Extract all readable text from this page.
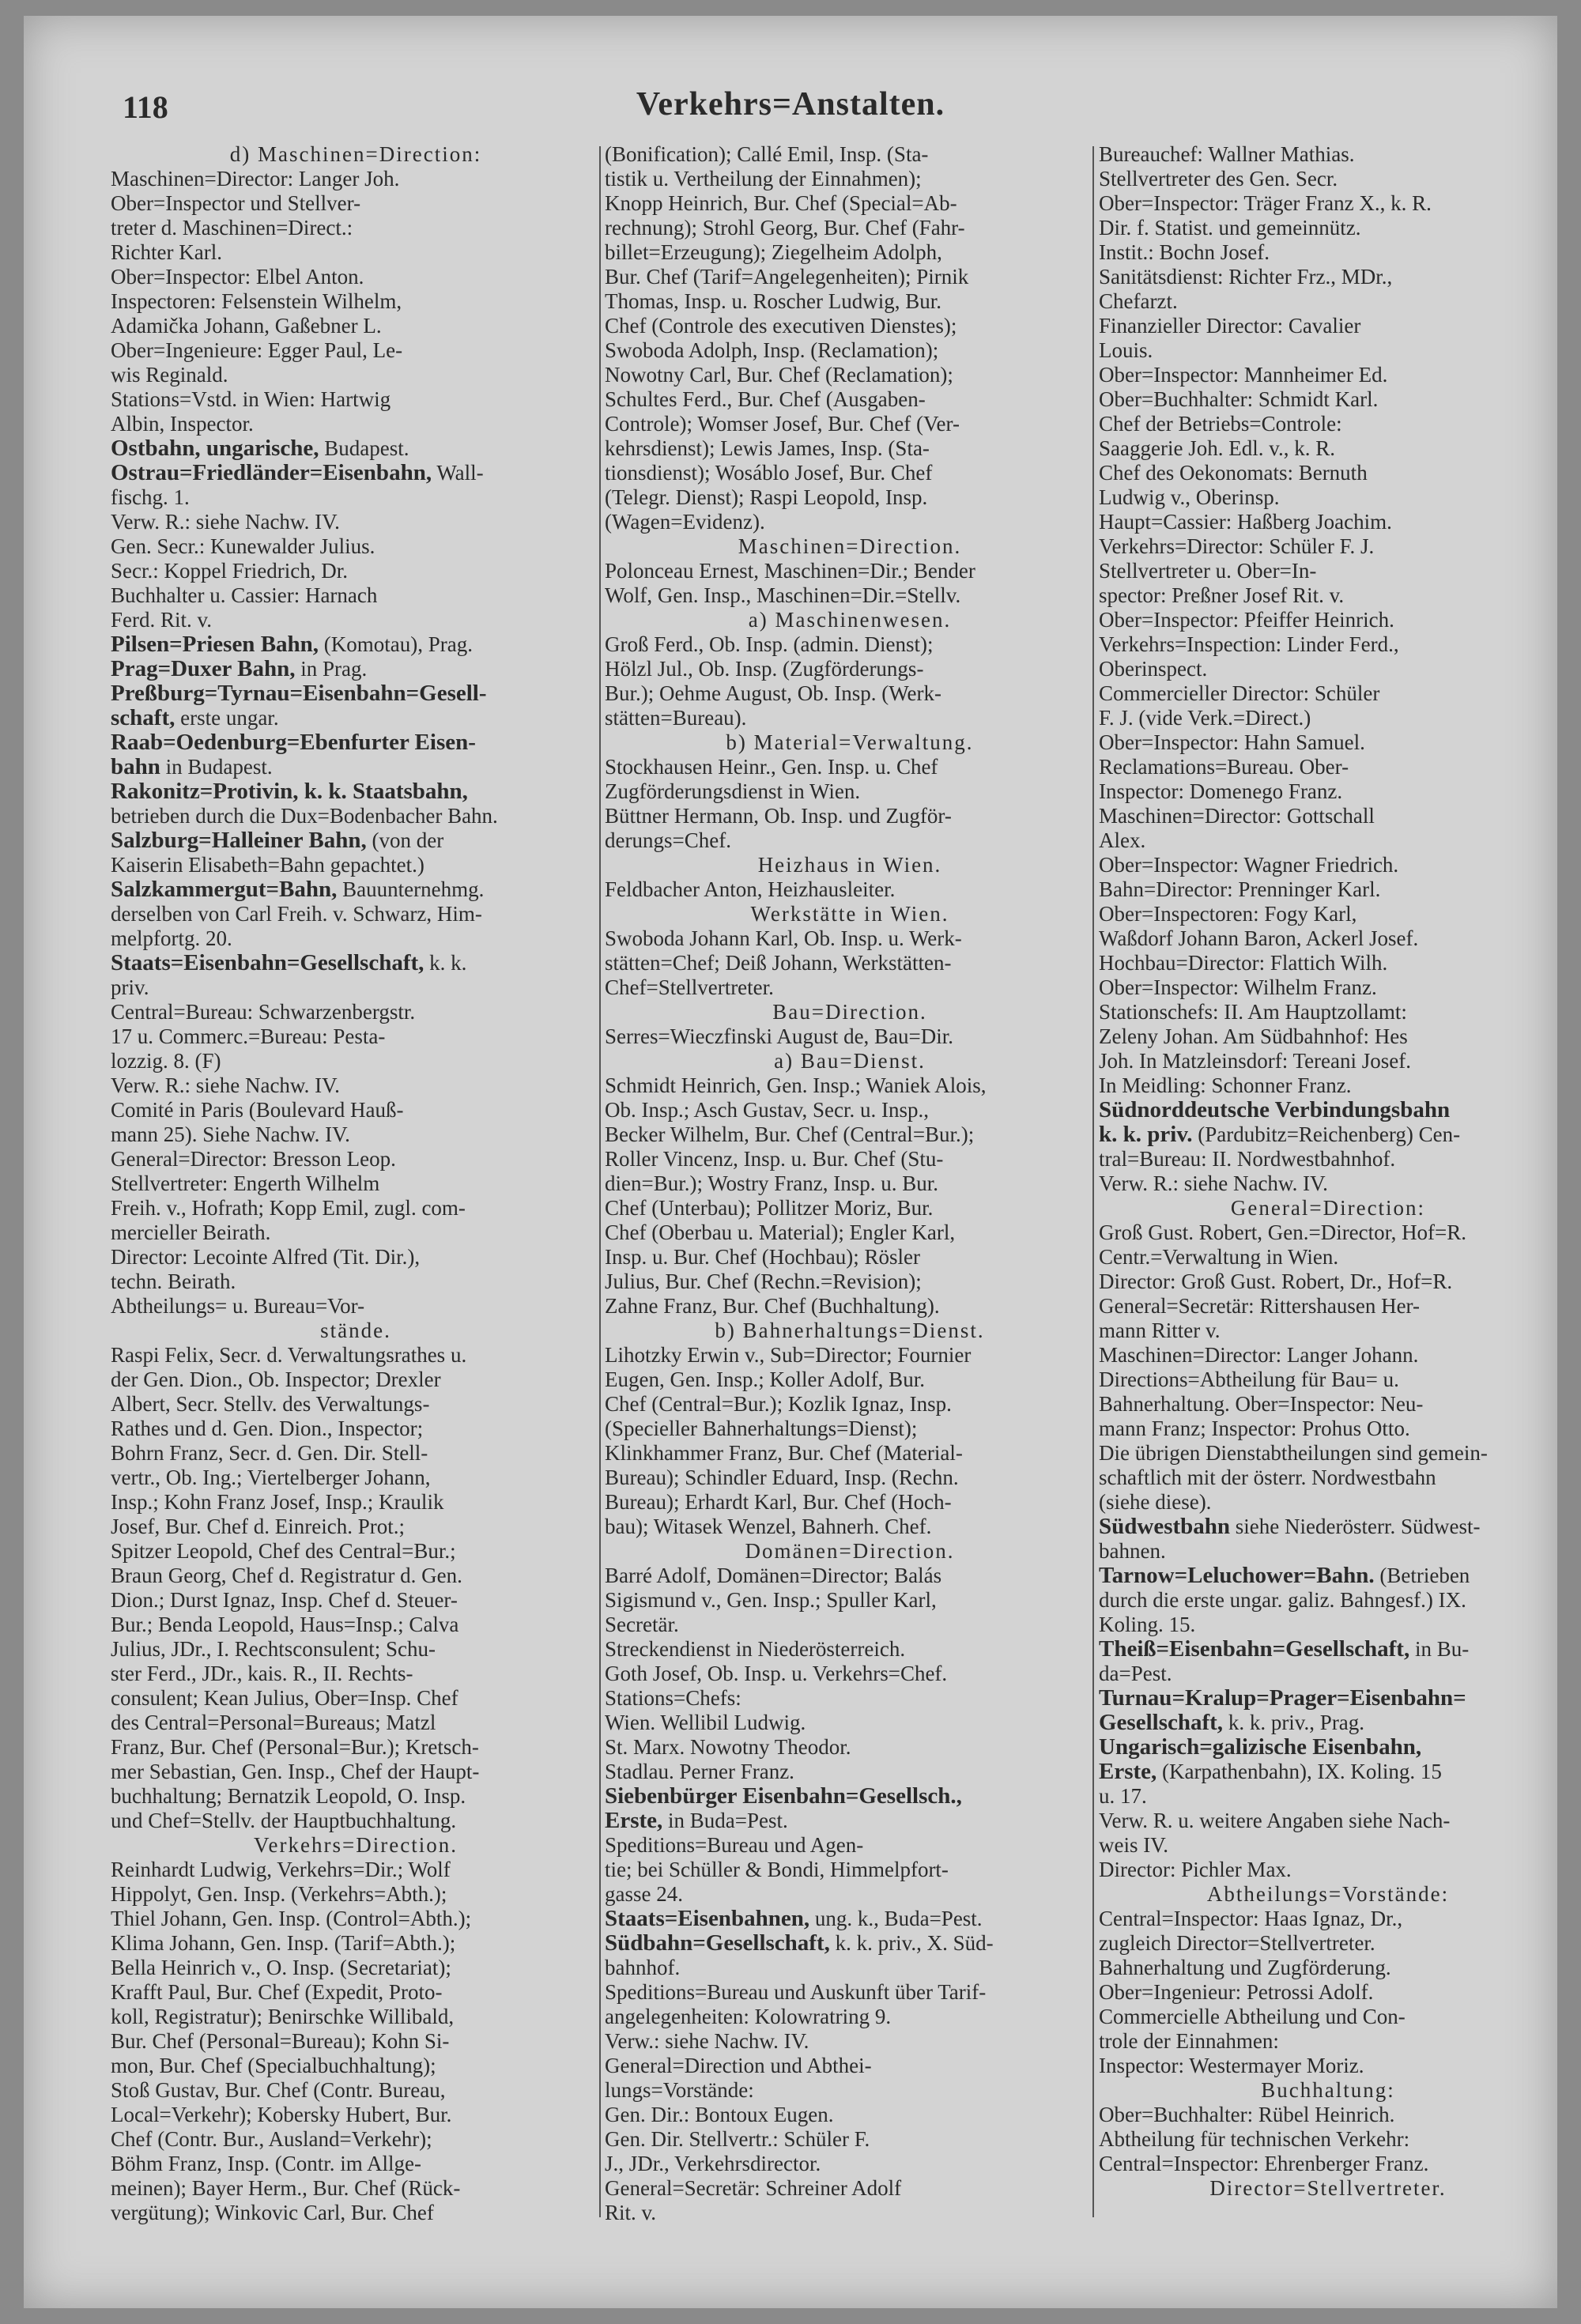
118	Verkehrs=Anstalten.
d) Maschinen=Direction:
Maschinen=Director: Langer Joh.
Ober=Inspector und Stellver-
treter d. Maschinen=Direct.:
Richter Karl.
Ober=Inspector: Elbel Anton.
Inspectoren: Felsenstein Wilhelm,
Adamička Johann, Gaßebner L.
Ober=Ingenieure: Egger Paul, Le-
wis Reginald.
Stations=Vstd. in Wien: Hartwig
Albin, Inspector.
Ostbahn, ungarische, Budapest.
Ostrau=Friedländer=Eisenbahn, Wall-
fischg. 1.
Verw. R.: siehe Nachw. IV.
Gen. Secr.: Kunewalder Julius.
Secr.: Koppel Friedrich, Dr.
Buchhalter u. Cassier: Harnach
Ferd. Rit. v.
Pilsen=Priesen Bahn, (Komotau), Prag.
Prag=Duxer Bahn, in Prag.
Preßburg=Tyrnau=Eisenbahn=Gesell-
schaft, erste ungar.
Raab=Oedenburg=Ebenfurter Eisen-
bahn in Budapest.
Rakonitz=Protivin, k. k. Staatsbahn,
betrieben durch die Dux=Bodenbacher Bahn.
Salzburg=Halleiner Bahn, (von der
Kaiserin Elisabeth=Bahn gepachtet.)
Salzkammergut=Bahn, Bauunternehmg.
derselben von Carl Freih. v. Schwarz, Him-
melpfortg. 20.
Staats=Eisenbahn=Gesellschaft, k. k.
priv.
Central=Bureau: Schwarzenbergstr.
17 u. Commerc.=Bureau: Pesta-
lozzig. 8. (F)
Verw. R.: siehe Nachw. IV.
Comité in Paris (Boulevard Hauß-
mann 25). Siehe Nachw. IV.
General=Director: Bresson Leop.
Stellvertreter: Engerth Wilhelm
Freih. v., Hofrath; Kopp Emil, zugl. com-
mercieller Beirath.
Director: Lecointe Alfred (Tit. Dir.),
techn. Beirath.
Abtheilungs= u. Bureau=Vor-
stände.
Raspi Felix, Secr. d. Verwaltungsrathes u.
der Gen. Dion., Ob. Inspector; Drexler
Albert, Secr. Stellv. des Verwaltungs-
Rathes und d. Gen. Dion., Inspector;
Bohrn Franz, Secr. d. Gen. Dir. Stell-
vertr., Ob. Ing.; Viertelberger Johann,
Insp.; Kohn Franz Josef, Insp.; Kraulik
Josef, Bur. Chef d. Einreich. Prot.;
Spitzer Leopold, Chef des Central=Bur.;
Braun Georg, Chef d. Registratur d. Gen.
Dion.; Durst Ignaz, Insp. Chef d. Steuer-
Bur.; Benda Leopold, Haus=Insp.; Calva
Julius, JDr., I. Rechtsconsulent; Schu-
ster Ferd., JDr., kais. R., II. Rechts-
consulent; Kean Julius, Ober=Insp. Chef
des Central=Personal=Bureaus; Matzl
Franz, Bur. Chef (Personal=Bur.); Kretsch-
mer Sebastian, Gen. Insp., Chef der Haupt-
buchhaltung; Bernatzik Leopold, O. Insp.
und Chef=Stellv. der Hauptbuchhaltung.
Verkehrs=Direction.
Reinhardt Ludwig, Verkehrs=Dir.; Wolf
Hippolyt, Gen. Insp. (Verkehrs=Abth.);
Thiel Johann, Gen. Insp. (Control=Abth.);
Klima Johann, Gen. Insp. (Tarif=Abth.);
Bella Heinrich v., O. Insp. (Secretariat);
Krafft Paul, Bur. Chef (Expedit, Proto-
koll, Registratur); Benirschke Willibald,
Bur. Chef (Personal=Bureau); Kohn Si-
mon, Bur. Chef (Specialbuchhaltung);
Stoß Gustav, Bur. Chef (Contr. Bureau,
Local=Verkehr); Kobersky Hubert, Bur.
Chef (Contr. Bur., Ausland=Verkehr);
Böhm Franz, Insp. (Contr. im Allge-
meinen); Bayer Herm., Bur. Chef (Rück-
vergütung); Winkovic Carl, Bur. Chef
(Bonification); Callé Emil, Insp. (Sta-
tistik u. Vertheilung der Einnahmen);
Knopp Heinrich, Bur. Chef (Special=Ab-
rechnung); Strohl Georg, Bur. Chef (Fahr-
billet=Erzeugung); Ziegelheim Adolph,
Bur. Chef (Tarif=Angelegenheiten); Pirnik
Thomas, Insp. u. Roscher Ludwig, Bur.
Chef (Controle des executiven Dienstes);
Swoboda Adolph, Insp. (Reclamation);
Nowotny Carl, Bur. Chef (Reclamation);
Schultes Ferd., Bur. Chef (Ausgaben-
Controle); Womser Josef, Bur. Chef (Ver-
kehrsdienst); Lewis James, Insp. (Sta-
tionsdienst); Wosáblo Josef, Bur. Chef
(Telegr. Dienst); Raspi Leopold, Insp.
(Wagen=Evidenz).
Maschinen=Direction.
Polonceau Ernest, Maschinen=Dir.; Bender
Wolf, Gen. Insp., Maschinen=Dir.=Stellv.
a) Maschinenwesen.
Groß Ferd., Ob. Insp. (admin. Dienst);
Hölzl Jul., Ob. Insp. (Zugförderungs-
Bur.); Oehme August, Ob. Insp. (Werk-
stätten=Bureau).
b) Material=Verwaltung.
Stockhausen Heinr., Gen. Insp. u. Chef
Zugförderungsdienst in Wien.
Büttner Hermann, Ob. Insp. und Zugför-
derungs=Chef.
Heizhaus in Wien.
Feldbacher Anton, Heizhausleiter.
Werkstätte in Wien.
Swoboda Johann Karl, Ob. Insp. u. Werk-
stätten=Chef; Deiß Johann, Werkstätten-
Chef=Stellvertreter.
Bau=Direction.
Serres=Wieczfinski August de, Bau=Dir.
a) Bau=Dienst.
Schmidt Heinrich, Gen. Insp.; Waniek Alois,
Ob. Insp.; Asch Gustav, Secr. u. Insp.,
Becker Wilhelm, Bur. Chef (Central=Bur.);
Roller Vincenz, Insp. u. Bur. Chef (Stu-
dien=Bur.); Wostry Franz, Insp. u. Bur.
Chef (Unterbau); Pollitzer Moriz, Bur.
Chef (Oberbau u. Material); Engler Karl,
Insp. u. Bur. Chef (Hochbau); Rösler
Julius, Bur. Chef (Rechn.=Revision);
Zahne Franz, Bur. Chef (Buchhaltung).
b) Bahnerhaltungs=Dienst.
Lihotzky Erwin v., Sub=Director; Fournier
Eugen, Gen. Insp.; Koller Adolf, Bur.
Chef (Central=Bur.); Kozlik Ignaz, Insp.
(Specieller Bahnerhaltungs=Dienst);
Klinkhammer Franz, Bur. Chef (Material-
Bureau); Schindler Eduard, Insp. (Rechn.
Bureau); Erhardt Karl, Bur. Chef (Hoch-
bau); Witasek Wenzel, Bahnerh. Chef.
Domänen=Direction.
Barré Adolf, Domänen=Director; Balás
Sigismund v., Gen. Insp.; Spuller Karl,
Secretär.
Streckendienst in Niederösterreich.
Goth Josef, Ob. Insp. u. Verkehrs=Chef.
Stations=Chefs:
Wien. Wellibil Ludwig.
St. Marx. Nowotny Theodor.
Stadlau. Perner Franz.
Siebenbürger Eisenbahn=Gesellsch.,
Erste, in Buda=Pest.
Speditions=Bureau und Agen-
tie; bei Schüller & Bondi, Himmelpfort-
gasse 24.
Staats=Eisenbahnen, ung. k., Buda=Pest.
Südbahn=Gesellschaft, k. k. priv., X. Süd-
bahnhof.
Speditions=Bureau und Auskunft über Tarif-
angelegenheiten: Kolowratring 9.
Verw.: siehe Nachw. IV.
General=Direction und Abthei-
lungs=Vorstände:
Gen. Dir.: Bontoux Eugen.
Gen. Dir. Stellvertr.: Schüler F.
J., JDr., Verkehrsdirector.
General=Secretär: Schreiner Adolf
Rit. v.
Bureauchef: Wallner Mathias.
Stellvertreter des Gen. Secr.
Ober=Inspector: Träger Franz X., k. R.
Dir. f. Statist. und gemeinnütz.
Instit.: Bochn Josef.
Sanitätsdienst: Richter Frz., MDr.,
Chefarzt.
Finanzieller Director: Cavalier
Louis.
Ober=Inspector: Mannheimer Ed.
Ober=Buchhalter: Schmidt Karl.
Chef der Betriebs=Controle:
Saaggerie Joh. Edl. v., k. R.
Chef des Oekonomats: Bernuth
Ludwig v., Oberinsp.
Haupt=Cassier: Haßberg Joachim.
Verkehrs=Director: Schüler F. J.
Stellvertreter u. Ober=In-
spector: Preßner Josef Rit. v.
Ober=Inspector: Pfeiffer Heinrich.
Verkehrs=Inspection: Linder Ferd.,
Oberinspect.
Commercieller Director: Schüler
F. J. (vide Verk.=Direct.)
Ober=Inspector: Hahn Samuel.
Reclamations=Bureau. Ober-
Inspector: Domenego Franz.
Maschinen=Director: Gottschall
Alex.
Ober=Inspector: Wagner Friedrich.
Bahn=Director: Prenninger Karl.
Ober=Inspectoren: Fogy Karl,
Waßdorf Johann Baron, Ackerl Josef.
Hochbau=Director: Flattich Wilh.
Ober=Inspector: Wilhelm Franz.
Stationschefs: II. Am Hauptzollamt:
Zeleny Johan. Am Südbahnhof: Hes
Joh. In Matzleinsdorf: Tereani Josef.
In Meidling: Schonner Franz.
Südnorddeutsche Verbindungsbahn
k. k. priv. (Pardubitz=Reichenberg) Cen-
tral=Bureau: II. Nordwestbahnhof.
Verw. R.: siehe Nachw. IV.
General=Direction:
Groß Gust. Robert, Gen.=Director, Hof=R.
Centr.=Verwaltung in Wien.
Director: Groß Gust. Robert, Dr., Hof=R.
General=Secretär: Rittershausen Her-
mann Ritter v.
Maschinen=Director: Langer Johann.
Directions=Abtheilung für Bau= u.
Bahnerhaltung. Ober=Inspector: Neu-
mann Franz; Inspector: Prohus Otto.
Die übrigen Dienstabtheilungen sind gemein-
schaftlich mit der österr. Nordwestbahn
(siehe diese).
Südwestbahn siehe Niederösterr. Südwest-
bahnen.
Tarnow=Leluchower=Bahn. (Betrieben
durch die erste ungar. galiz. Bahngesf.) IX.
Koling. 15.
Theiß=Eisenbahn=Gesellschaft, in Bu-
da=Pest.
Turnau=Kralup=Prager=Eisenbahn=
Gesellschaft, k. k. priv., Prag.
Ungarisch=galizische Eisenbahn,
Erste, (Karpathenbahn), IX. Koling. 15
u. 17.
Verw. R. u. weitere Angaben siehe Nach-
weis IV.
Director: Pichler Max.
Abtheilungs=Vorstände:
Central=Inspector: Haas Ignaz, Dr.,
zugleich Director=Stellvertreter.
Bahnerhaltung und Zugförderung.
Ober=Ingenieur: Petrossi Adolf.
Commercielle Abtheilung und Con-
trole der Einnahmen:
Inspector: Westermayer Moriz.
Buchhaltung:
Ober=Buchhalter: Rübel Heinrich.
Abtheilung für technischen Verkehr:
Central=Inspector: Ehrenberger Franz.
Director=Stellvertreter.
